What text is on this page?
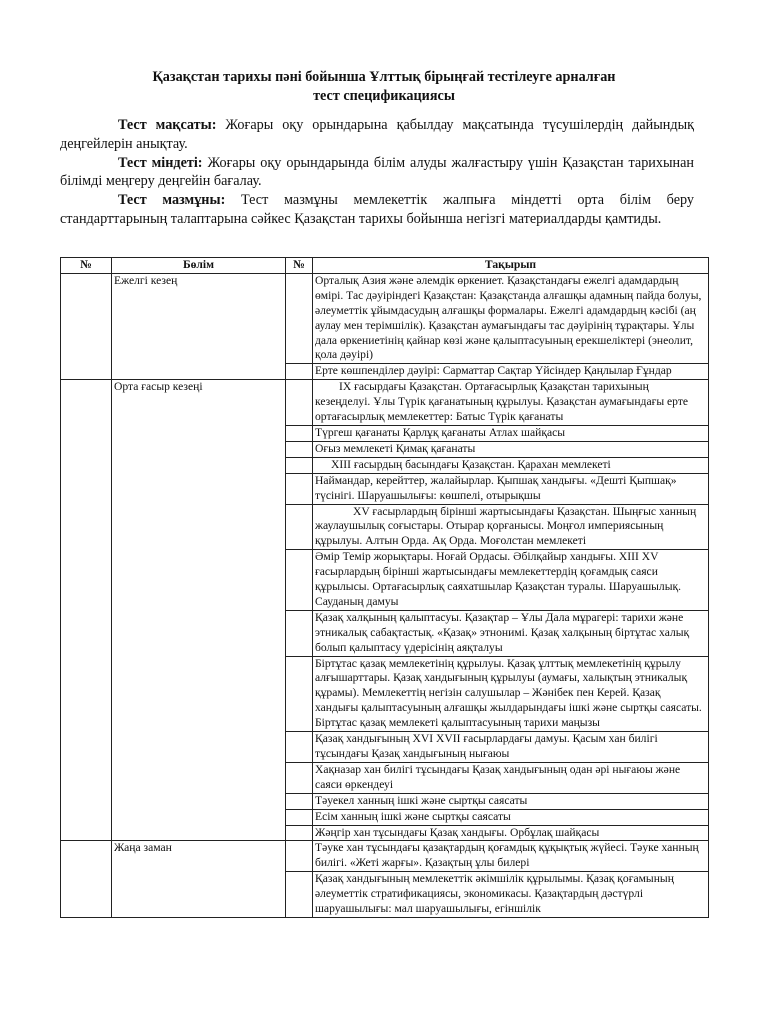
Қазақстан тарихы пәні бойынша Ұлттық бірыңғай тестілеуге арналған
тест спецификациясы

Тест мақсаты: Жоғары оқу орындарына қабылдау мақсатында түсушілердің дайындық деңгейлерін анықтау.

Тест міндеті: Жоғары оқу орындарында білім алуды жалғастыру үшін Қазақстан тарихынан білімді меңгеру деңгейін бағалау.

Тест мазмұны: Тест мазмұны мемлекеттік жалпыға міндетті орта білім беру стандарттарының талаптарына сәйкес Қазақстан тарихы бойынша негізгі материалдарды қамтиды.

№	Бөлім	№	Тақырып
	Ежелгі кезең		Орталық Азия және әлемдік өркениет. Қазақстандағы ежелгі адамдардың өмірі. Тас дәуіріндегі Қазақстан: Қазақстанда алғашқы адамның пайда болуы, әлеуметтік ұйымдасудың алғашқы формалары. Ежелгі адамдардың кәсібі (аң аулау мен терімшілік). Қазақстан аумағындағы тас дәуірінің тұрақтары. Ұлы дала өркениетінің қайнар көзі және қалыптасуының ерекшеліктері (энеолит, қола дәуірі)
			Ерте көшпенділер дәуірі: Сарматтар Сақтар Үйсіндер Қаңлылар Ғұндар
	Орта ғасыр кезеңі		IX ғасырдағы Қазақстан. Ортағасырлық Қазақстан тарихының кезеңделуі. Ұлы Түрік қағанатының құрылуы. Қазақстан аумағындағы ерте ортағасырлық мемлекеттер: Батыс Түрік қағанаты
			Түргеш қағанаты Қарлұқ қағанаты Атлах шайқасы
			Оғыз мемлекеті Қимақ қағанаты
			XIII ғасырдың басындағы Қазақстан. Қарахан мемлекеті
			Наймандар, керейттер, жалайырлар. Қыпшақ хандығы. «Дешті Қыпшақ» түсінігі. Шаруашылығы: көшпелі, отырықшы
			XV ғасырлардың бірінші жартысындағы Қазақстан. Шыңғыс ханның жаулаушылық соғыстары. Отырар қорғанысы. Моңғол империясының құрылуы. Алтын Орда. Ақ Орда. Моғолстан мемлекеті
			Әмір Темір жорықтары. Ноғай Ордасы. Әбілқайыр хандығы. XIII XV ғасырлардың бірінші жартысындағы мемлекеттердің қоғамдық саяси құрылысы. Ортағасырлық саяхатшылар Қазақстан туралы. Шаруашылық. Сауданың дамуы
			Қазақ халқының қалыптасуы. Қазақтар – Ұлы Дала мұрагері: тарихи және этникалық сабақтастық. «Қазақ» этнонимі. Қазақ халқының біртұтас халық болып қалыптасу үдерісінің аяқталуы
			Біртұтас қазақ мемлекетінің құрылуы. Қазақ ұлттық мемлекетінің құрылу алғышарттары. Қазақ хандығының құрылуы (аумағы, халықтың этникалық құрамы). Мемлекеттің негізін салушылар – Жәнібек пен Керей. Қазақ хандығы қалыптасуының алғашқы жылдарындағы ішкі және сыртқы саясаты. Біртұтас қазақ мемлекеті қалыптасуының тарихи маңызы
			Қазақ хандығының XVI XVII ғасырлардағы дамуы. Қасым хан билігі тұсындағы Қазақ хандығының нығаюы
			Хақназар хан билігі тұсындағы Қазақ хандығының одан әрі нығаюы және саяси өркендеуі
			Тәуекел ханның ішкі және сыртқы саясаты
			Есім ханның ішкі және сыртқы саясаты
			Жәңгір хан тұсындағы Қазақ хандығы. Орбұлақ шайқасы
	Жаңа заман		Тәуке хан тұсындағы қазақтардың қоғамдық құқықтық жүйесі. Тәуке ханның билігі. «Жеті жарғы». Қазақтың ұлы билері
			Қазақ хандығының мемлекеттік әкімшілік құрылымы. Қазақ қоғамының әлеуметтік стратификациясы, экономикасы. Қазақтардың дәстүрлі шаруашылығы: мал шаруашылығы, егіншілік
